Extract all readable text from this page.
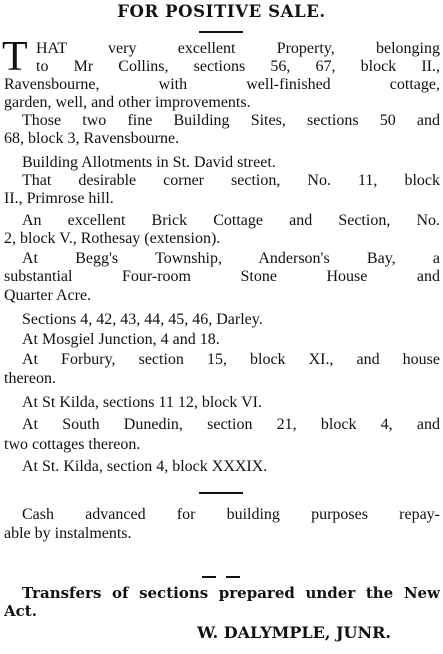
FOR POSITIVE SALE.
T HAT very excellent Property, belonging
to Mr Collins, sections 56, 67, block II.,
Ravensbourne, with well-finished cottage,
garden, well, and other improvements.
Those two fine Building Sites, sections 50 and
68, block 3, Ravensbourne.
Building Allotments in St. David street.
That desirable corner section, No. 11, block
II., Primrose hill.
An excellent Brick Cottage and Section, No.
2, block V., Rothesay (extension).
At Begg's Township, Anderson's Bay, a
substantial Four-room Stone House and
Quarter Acre.
Sections 4, 42, 43, 44, 45, 46, Darley.
At Mosgiel Junction, 4 and 18.
At Forbury, section 15, block XI., and house
thereon.
At St Kilda, sections 11 12, block VI.
At South Dunedin, section 21, block 4, and
two cottages thereon.
At St. Kilda, section 4, block XXXIX.
Cash advanced for building purposes repay-
able by instalments.
Transfers of sections prepared under the New
Act.
W. DALYMPLE, JUNR.
